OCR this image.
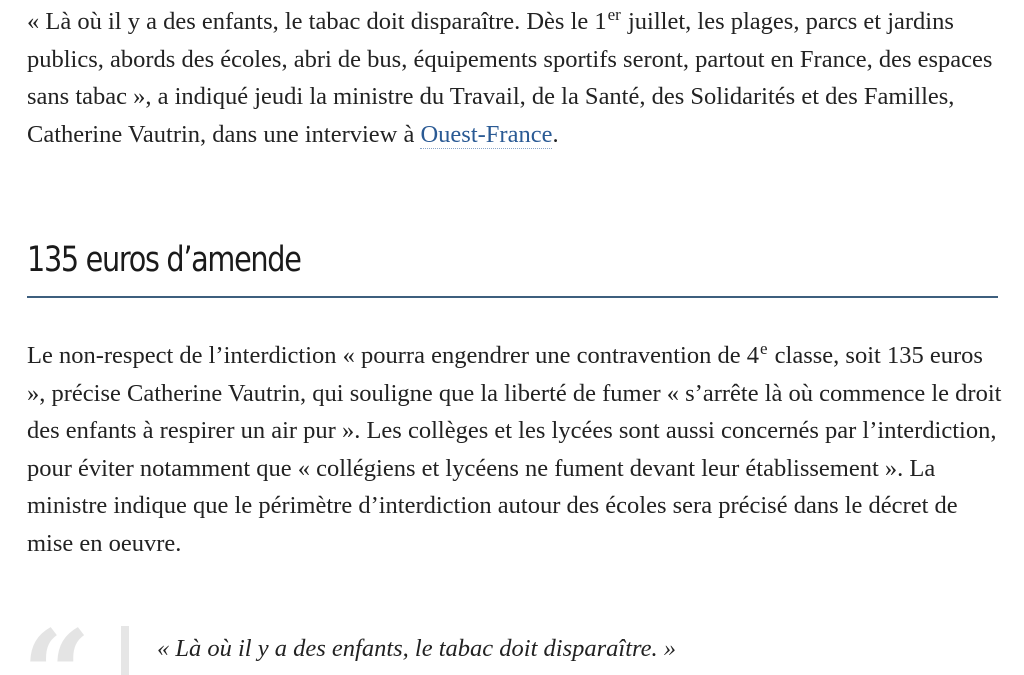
« Là où il y a des enfants, le tabac doit disparaître. Dès le 1er juillet, les plages, parcs et jardins publics, abords des écoles, abri de bus, équipements sportifs seront, partout en France, des espaces sans tabac », a indiqué jeudi la ministre du Travail, de la Santé, des Solidarités et des Familles, Catherine Vautrin, dans une interview à Ouest-France.

135 euros d’amende

Le non-respect de l’interdiction « pourra engendrer une contravention de 4e classe, soit 135 euros », précise Catherine Vautrin, qui souligne que la liberté de fumer « s’arrête là où commence le droit des enfants à respirer un air pur ». Les collèges et les lycées sont aussi concernés par l’interdiction, pour éviter notamment que « collégiens et lycéens ne fument devant leur établissement ». La ministre indique que le périmètre d’interdiction autour des écoles sera précisé dans le décret de mise en oeuvre.

“	« Là où il y a des enfants, le tabac doit disparaître. »
